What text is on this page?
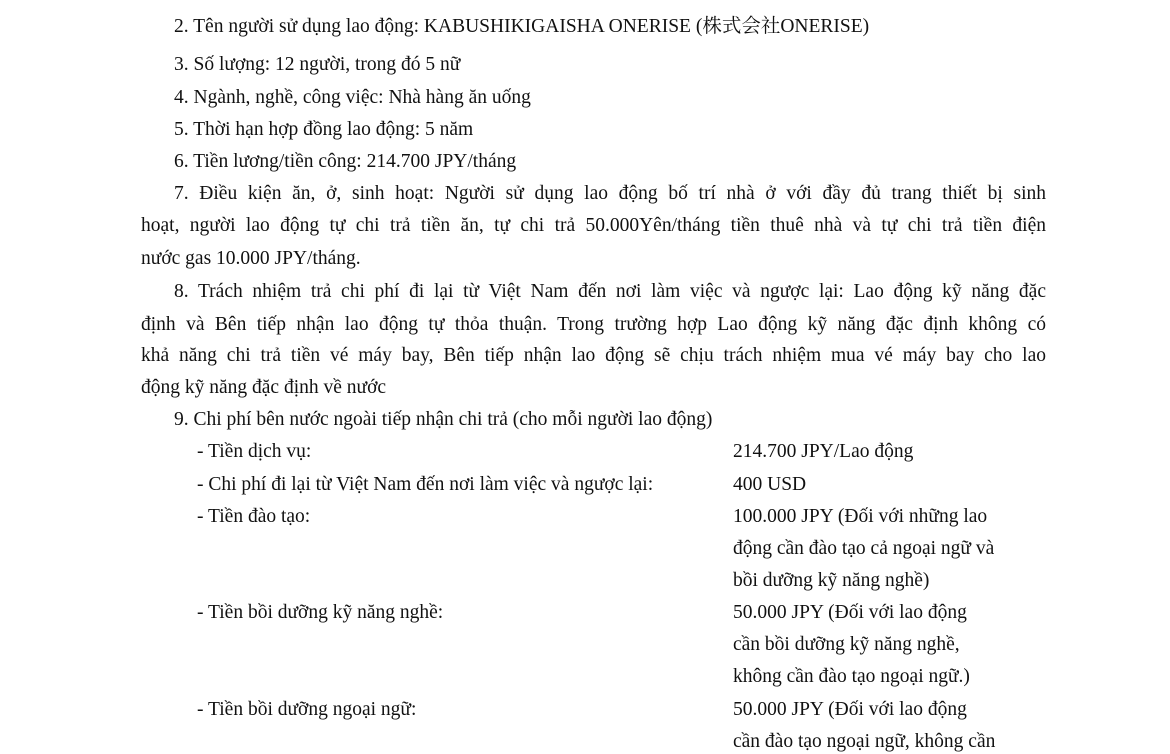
2. Tên người sử dụng lao động: KABUSHIKIGAISHA ONERISE (株式会社ONERISE)
3. Số lượng: 12 người, trong đó 5 nữ
4. Ngành, nghề, công việc: Nhà hàng ăn uống
5. Thời hạn hợp đồng lao động: 5 năm
6. Tiền lương/tiền công: 214.700 JPY/tháng
7. Điều kiện ăn, ở, sinh hoạt: Người sử dụng lao động bố trí nhà ở với đầy đủ trang thiết bị sinh
hoạt, người lao động tự chi trả tiền ăn, tự chi trả 50.000Yên/tháng tiền thuê nhà và tự chi trả tiền điện
nước gas 10.000 JPY/tháng.
8. Trách nhiệm trả chi phí đi lại từ Việt Nam đến nơi làm việc và ngược lại: Lao động kỹ năng đặc
định và Bên tiếp nhận lao động tự thỏa thuận. Trong trường hợp Lao động kỹ năng đặc định không có
khả năng chi trả tiền vé máy bay, Bên tiếp nhận lao động sẽ chịu trách nhiệm mua vé máy bay cho lao
động kỹ năng đặc định về nước
9. Chi phí bên nước ngoài tiếp nhận chi trả (cho mỗi người lao động)
- Tiền dịch vụ:	214.700 JPY/Lao động
- Chi phí đi lại từ Việt Nam đến nơi làm việc và ngược lại:	400 USD
- Tiền đào tạo:	100.000 JPY (Đối với những lao
động cần đào tạo cả ngoại ngữ và
bồi dưỡng kỹ năng nghề)
- Tiền bồi dưỡng kỹ năng nghề:	50.000 JPY (Đối với lao động
cần bồi dưỡng kỹ năng nghề,
không cần đào tạo ngoại ngữ.)
- Tiền bồi dưỡng ngoại ngữ:	50.000 JPY (Đối với lao động
cần đào tạo ngoại ngữ, không cần
